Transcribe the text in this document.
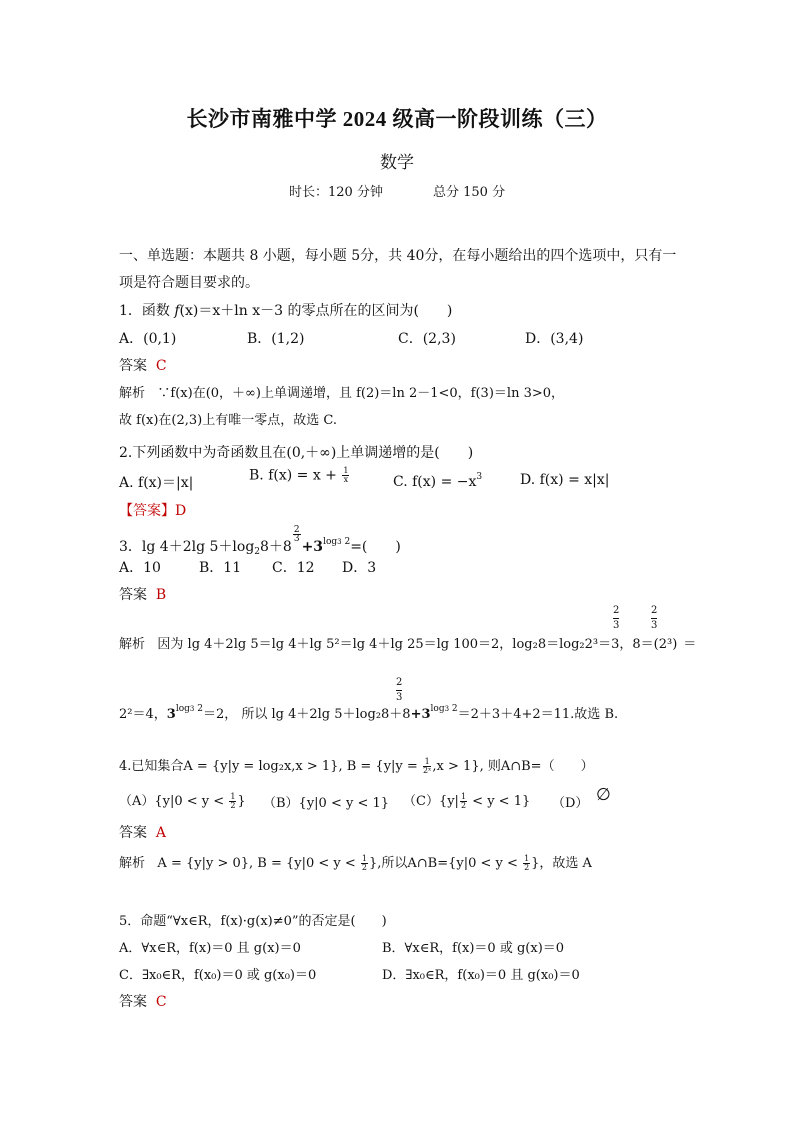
长沙市南雅中学 2024 级高一阶段训练（三）
数学
时长：120 分钟	总分 150 分
一、单选题：本题共 8 小题，每小题 5分，共 40分，在每小题给出的四个选项中，只有一
项是符合题目要求的。
1．函数 f(x)＝x＋ln x－3 的零点所在的区间为(　　)
A．(0,1)	B．(1,2)	C．(2,3)	D．(3,4)
答案 C
解析 ∵f(x)在(0，＋∞)上单调递增，且 f(2)＝ln 2－1<0，f(3)＝ln 3>0，
故 f(x)在(2,3)上有唯一零点，故选 C.
2.下列函数中为奇函数且在(0,＋∞)上单调递增的是(　　)
A. f(x)＝|x|	B. $f(x) = x + \frac{1}{x}$	C. $f(x) = -x^3$	D. f(x) = x|x|
【答案】D
3．lg 4＋2lg $5+\log_28+8$
$\frac{2}{3}$
$+3^{log3 2}=$(　　)
A．10	B．11 C．12 D．3
答案 B
2
3
2
3
解析 因为 lg 4＋2lg 5＝lg 4＋lg 5²＝lg 4＋lg 25＝lg 100＝2，log₂8＝log₂2³＝3，8＝(2³) ＝
2
3
2²＝4，$3^{log3 2}=2$， 所以 lg 4＋2lg $5+\log_28+8+3^{log3 2}=2+3+4+2=11$.故选 B.
4.已知集合A = {y|y = log₂x,x > 1}, $B = \{y|y = \frac{1}{\text{2ˣ}} ,x > 1\}$, 则A∩B=（　　）
$(A)\{y|0 < y < \frac{1}{2}$ } （B）{y|0 < y < 1} $(C)\{y| \frac{1}{2} < y < 1\}$ （D） ∅
答案 A
解析 A = {y|y > 0}, $B = \{y|0 < y < \frac{1}{2}$ },所以A∩B={y|0 < $y < \frac{1}{2}$ }，故选 A
5．命题“∀x∈R，f(x)·g(x)≠0”的否定是(　　)
A．∀x∈R，f(x)＝0 且 g(x)＝0	B．∀x∈R，f(x)＝0 或 g(x)＝0
C．∃x₀∈R，f(x₀)＝0 或 g(x₀)＝0	D．∃x₀∈R，f(x₀)＝0 且 g(x₀)＝0
答案 C
